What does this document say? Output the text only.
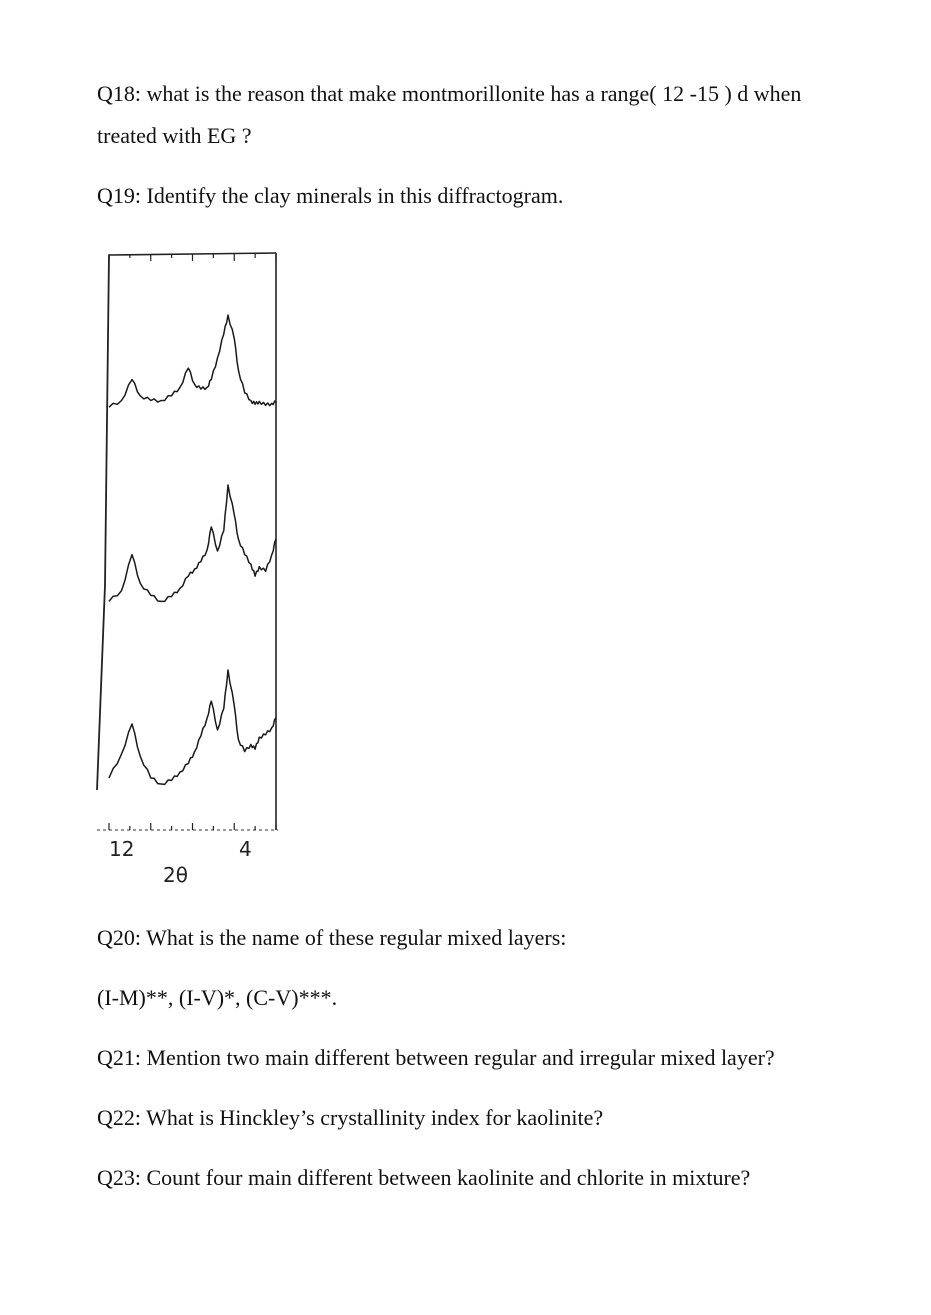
Q18: what is the reason that make montmorillonite has a range( 12 -15 ) d when

treated with EG ?

Q19: Identify the clay minerals in this diffractogram.

12	4
2θ

Q20: What is the name of these regular mixed layers:

(I-M)**, (I-V)*, (C-V)***.

Q21: Mention two main different between regular and irregular mixed layer?

Q22: What is Hinckley’s crystallinity index for kaolinite?

Q23: Count four main different between kaolinite and chlorite in mixture?
